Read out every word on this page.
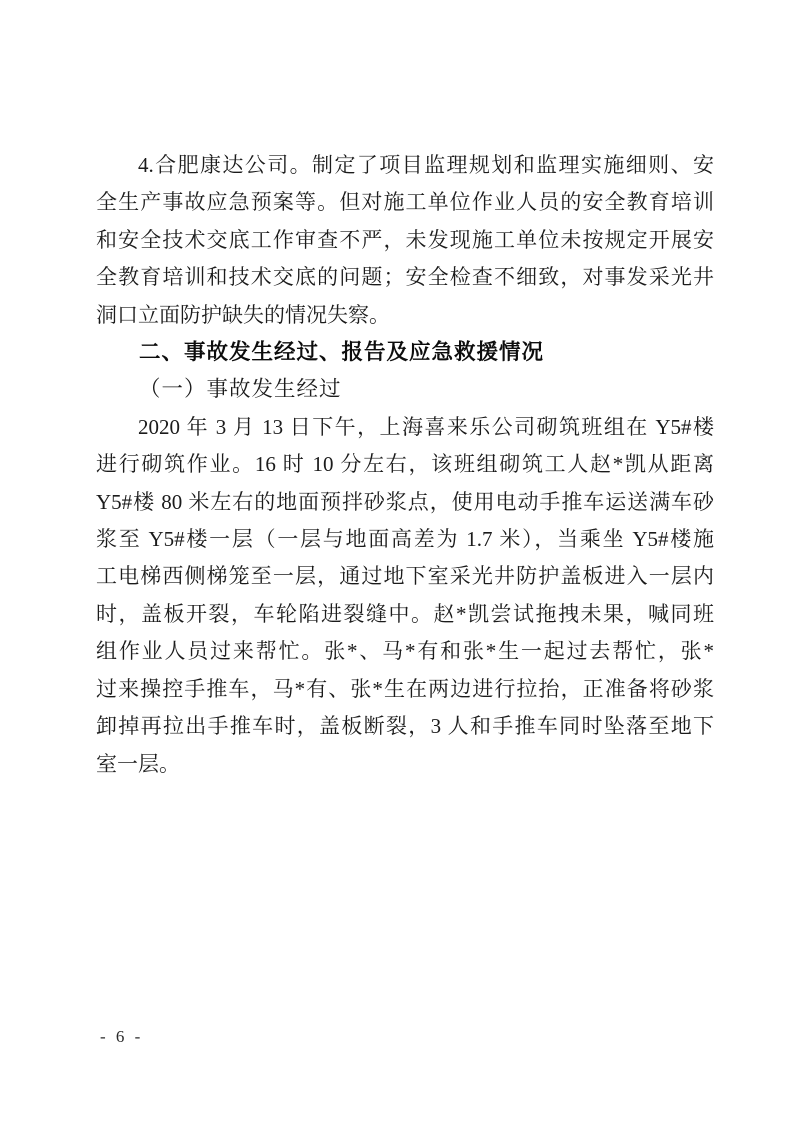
4.合肥康达公司。制定了项目监理规划和监理实施细则、安
全生产事故应急预案等。但对施工单位作业人员的安全教育培训
和安全技术交底工作审查不严，未发现施工单位未按规定开展安
全教育培训和技术交底的问题；安全检查不细致，对事发采光井
洞口立面防护缺失的情况失察。
二、事故发生经过、报告及应急救援情况
（一）事故发生经过
2020 年 3 月 13 日下午，上海喜来乐公司砌筑班组在 Y5#楼
进行砌筑作业。16 时 10 分左右，该班组砌筑工人赵*凯从距离
Y5#楼 80 米左右的地面预拌砂浆点，使用电动手推车运送满车砂
浆至 Y5#楼一层（一层与地面高差为 1.7 米），当乘坐 Y5#楼施
工电梯西侧梯笼至一层，通过地下室采光井防护盖板进入一层内
时，盖板开裂，车轮陷进裂缝中。赵*凯尝试拖拽未果，喊同班
组作业人员过来帮忙。张*、马*有和张*生一起过去帮忙，张*
过来操控手推车，马*有、张*生在两边进行拉抬，正准备将砂浆
卸掉再拉出手推车时，盖板断裂，3 人和手推车同时坠落至地下
室一层。
- 6 -
